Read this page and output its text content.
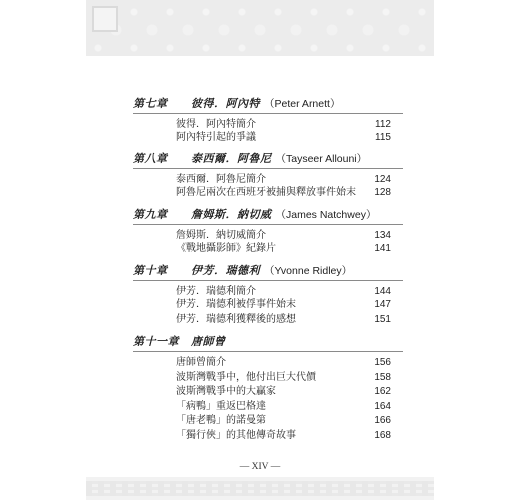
第七章 彼得．阿內特 （Peter Arnett）
彼得．阿內特簡介	112
阿內特引起的爭議	115
第八章 泰西爾．阿魯尼 （Tayseer Allouni）
泰西爾．阿魯尼簡介	124
阿魯尼兩次在西班牙被捕與釋放事件始末 128
第九章 詹姆斯．納切威 （James Natchwey）
詹姆斯．納切威簡介	134
《戰地攝影師》紀錄片	141
第十章 伊芳．瑞德利 （Yvonne Ridley）
伊芳．瑞德利簡介	144
伊芳．瑞德利被俘事件始末	147
伊芳．瑞德利獲釋後的感想	151
第十一章 唐師曾
唐師曾簡介	156
波斯灣戰爭中，他付出巨大代價	158
波斯灣戰爭中的大贏家	162
「病鴨」重返巴格達	164
「唐老鴨」的諾曼第	166
「獨行俠」的其他傳奇故事	168
— XIV —
